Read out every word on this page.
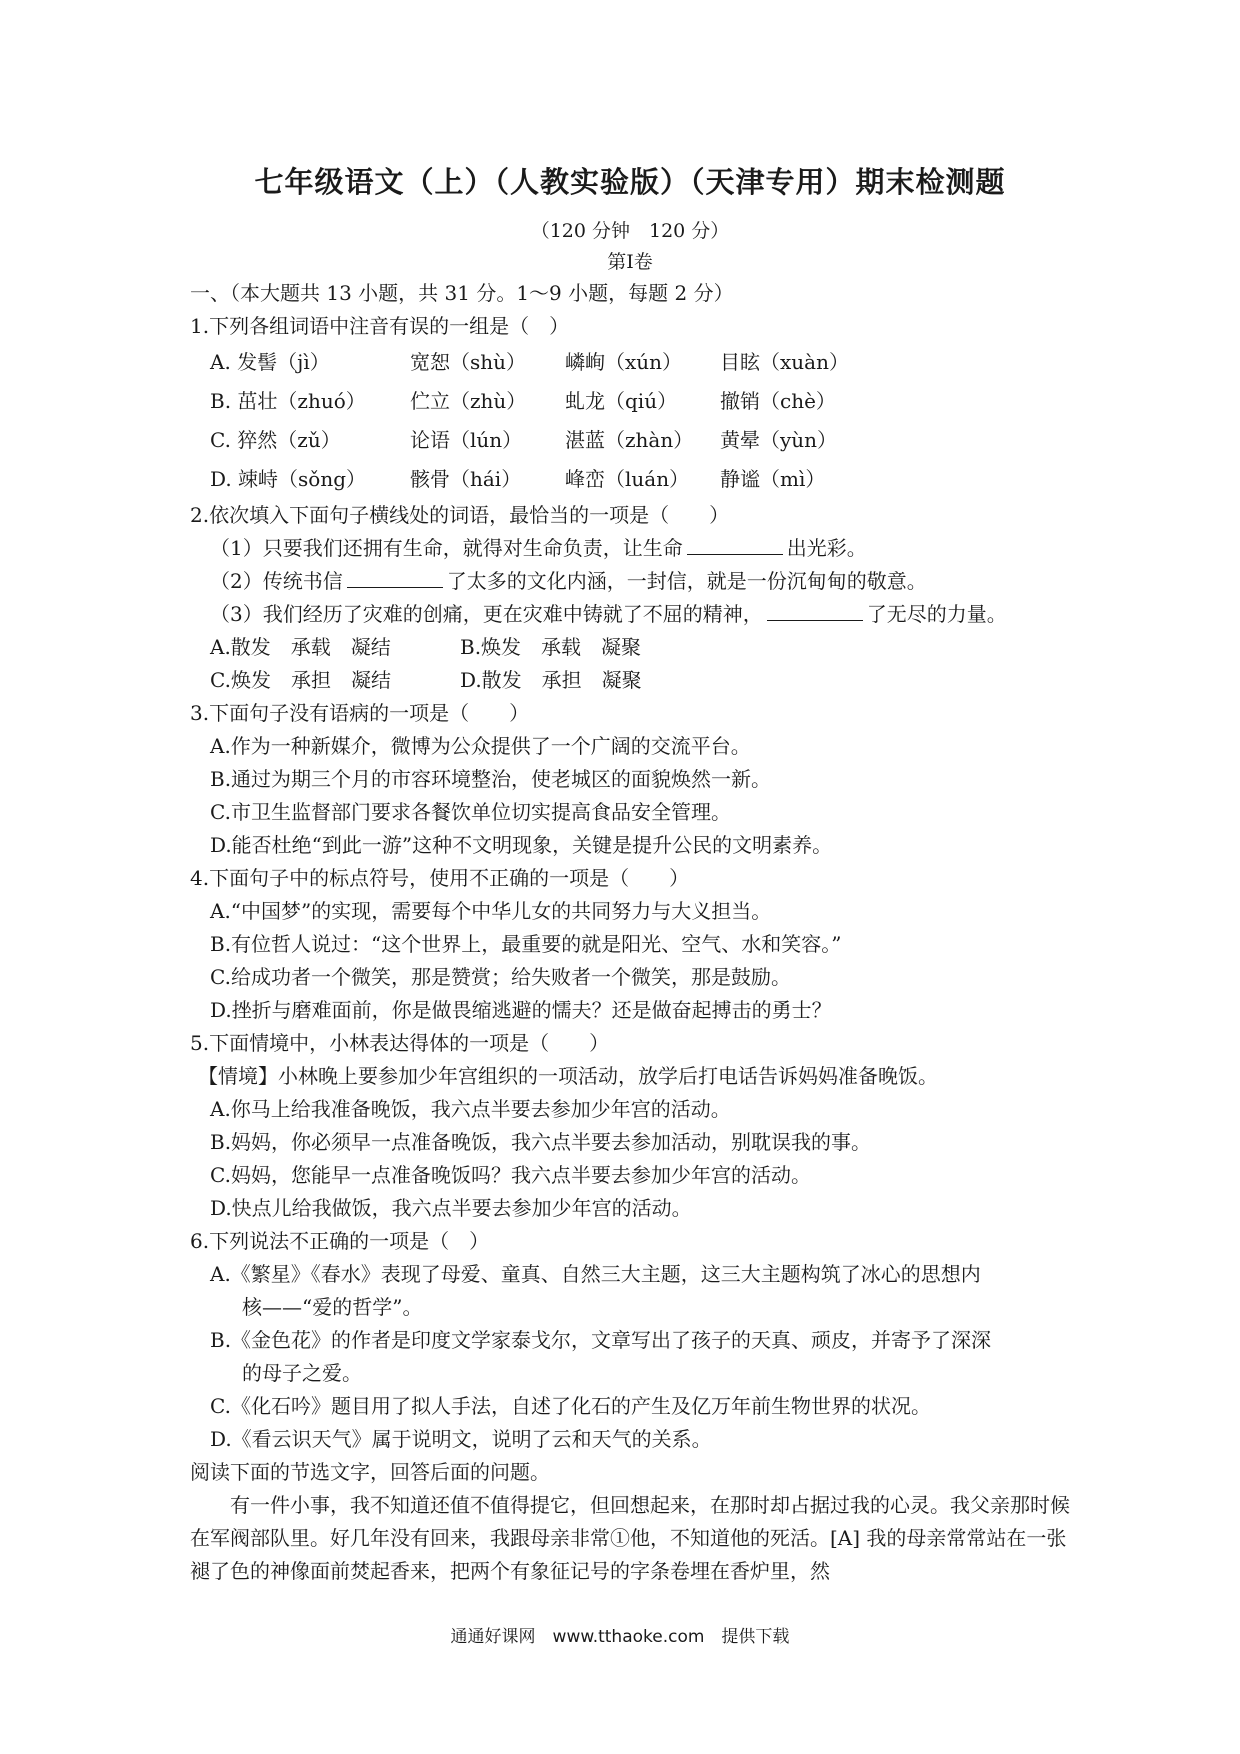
七年级语文（上）（人教实验版）（天津专用）期末检测题
（120 分钟　120 分）
第Ⅰ卷
一、（本大题共 13 小题，共 31 分。1～9 小题，每题 2 分）
1.下列各组词语中注音有误的一组是（　）
A. 发髻（jì）	宽恕（shù）	嶙峋（xún）	目眩（xuàn）
B. 茁壮（zhuó）	伫立（zhù）	虬龙（qiú）	撤销（chè）
C. 猝然（zǔ）	论语（lún）	湛蓝（zhàn）	黄晕（yùn）
D. 竦峙（sǒng）	骸骨（hái）	峰峦（luán）	静谧（mì）
2.依次填入下面句子横线处的词语，最恰当的一项是（　　）
（1）只要我们还拥有生命，就得对生命负责，让生命	出光彩。
（2）传统书信	了太多的文化内涵，一封信，就是一份沉甸甸的敬意。
（3）我们经历了灾难的创痛，更在灾难中铸就了不屈的精神，	了无尽的力量。
A.散发　承载　凝结	B.焕发　承载　凝聚
C.焕发　承担　凝结	D.散发　承担　凝聚
3.下面句子没有语病的一项是（　　）
A.作为一种新媒介，微博为公众提供了一个广阔的交流平台。
B.通过为期三个月的市容环境整治，使老城区的面貌焕然一新。
C.市卫生监督部门要求各餐饮单位切实提高食品安全管理。
D.能否杜绝“到此一游”这种不文明现象，关键是提升公民的文明素养。
4.下面句子中的标点符号，使用不正确的一项是（　　）
A.“中国梦”的实现，需要每个中华儿女的共同努力与大义担当。
B.有位哲人说过：“这个世界上，最重要的就是阳光、空气、水和笑容。”
C.给成功者一个微笑，那是赞赏；给失败者一个微笑，那是鼓励。
D.挫折与磨难面前，你是做畏缩逃避的懦夫？还是做奋起搏击的勇士？
5.下面情境中，小林表达得体的一项是（　　）
【情境】小林晚上要参加少年宫组织的一项活动，放学后打电话告诉妈妈准备晚饭。
A.你马上给我准备晚饭，我六点半要去参加少年宫的活动。
B.妈妈，你必须早一点准备晚饭，我六点半要去参加活动，别耽误我的事。
C.妈妈，您能早一点准备晚饭吗？我六点半要去参加少年宫的活动。
D.快点儿给我做饭，我六点半要去参加少年宫的活动。
6.下列说法不正确的一项是（　）
A.《繁星》《春水》表现了母爱、童真、自然三大主题，这三大主题构筑了冰心的思想内
核——“爱的哲学”。
B.《金色花》的作者是印度文学家泰戈尔，文章写出了孩子的天真、顽皮，并寄予了深深
的母子之爱。
C.《化石吟》题目用了拟人手法，自述了化石的产生及亿万年前生物世界的状况。
D.《看云识天气》属于说明文，说明了云和天气的关系。
阅读下面的节选文字，回答后面的问题。
有一件小事，我不知道还值不值得提它，但回想起来，在那时却占据过我的心灵。我父亲那时候在军阀部队里。好几年没有回来，我跟母亲非常①他，不知道他的死活。[A] 我的母亲常常站在一张褪了色的神像面前焚起香来，把两个有象征记号的字条卷埋在香炉里，然
通通好课网　www.tthaoke.com　提供下载
